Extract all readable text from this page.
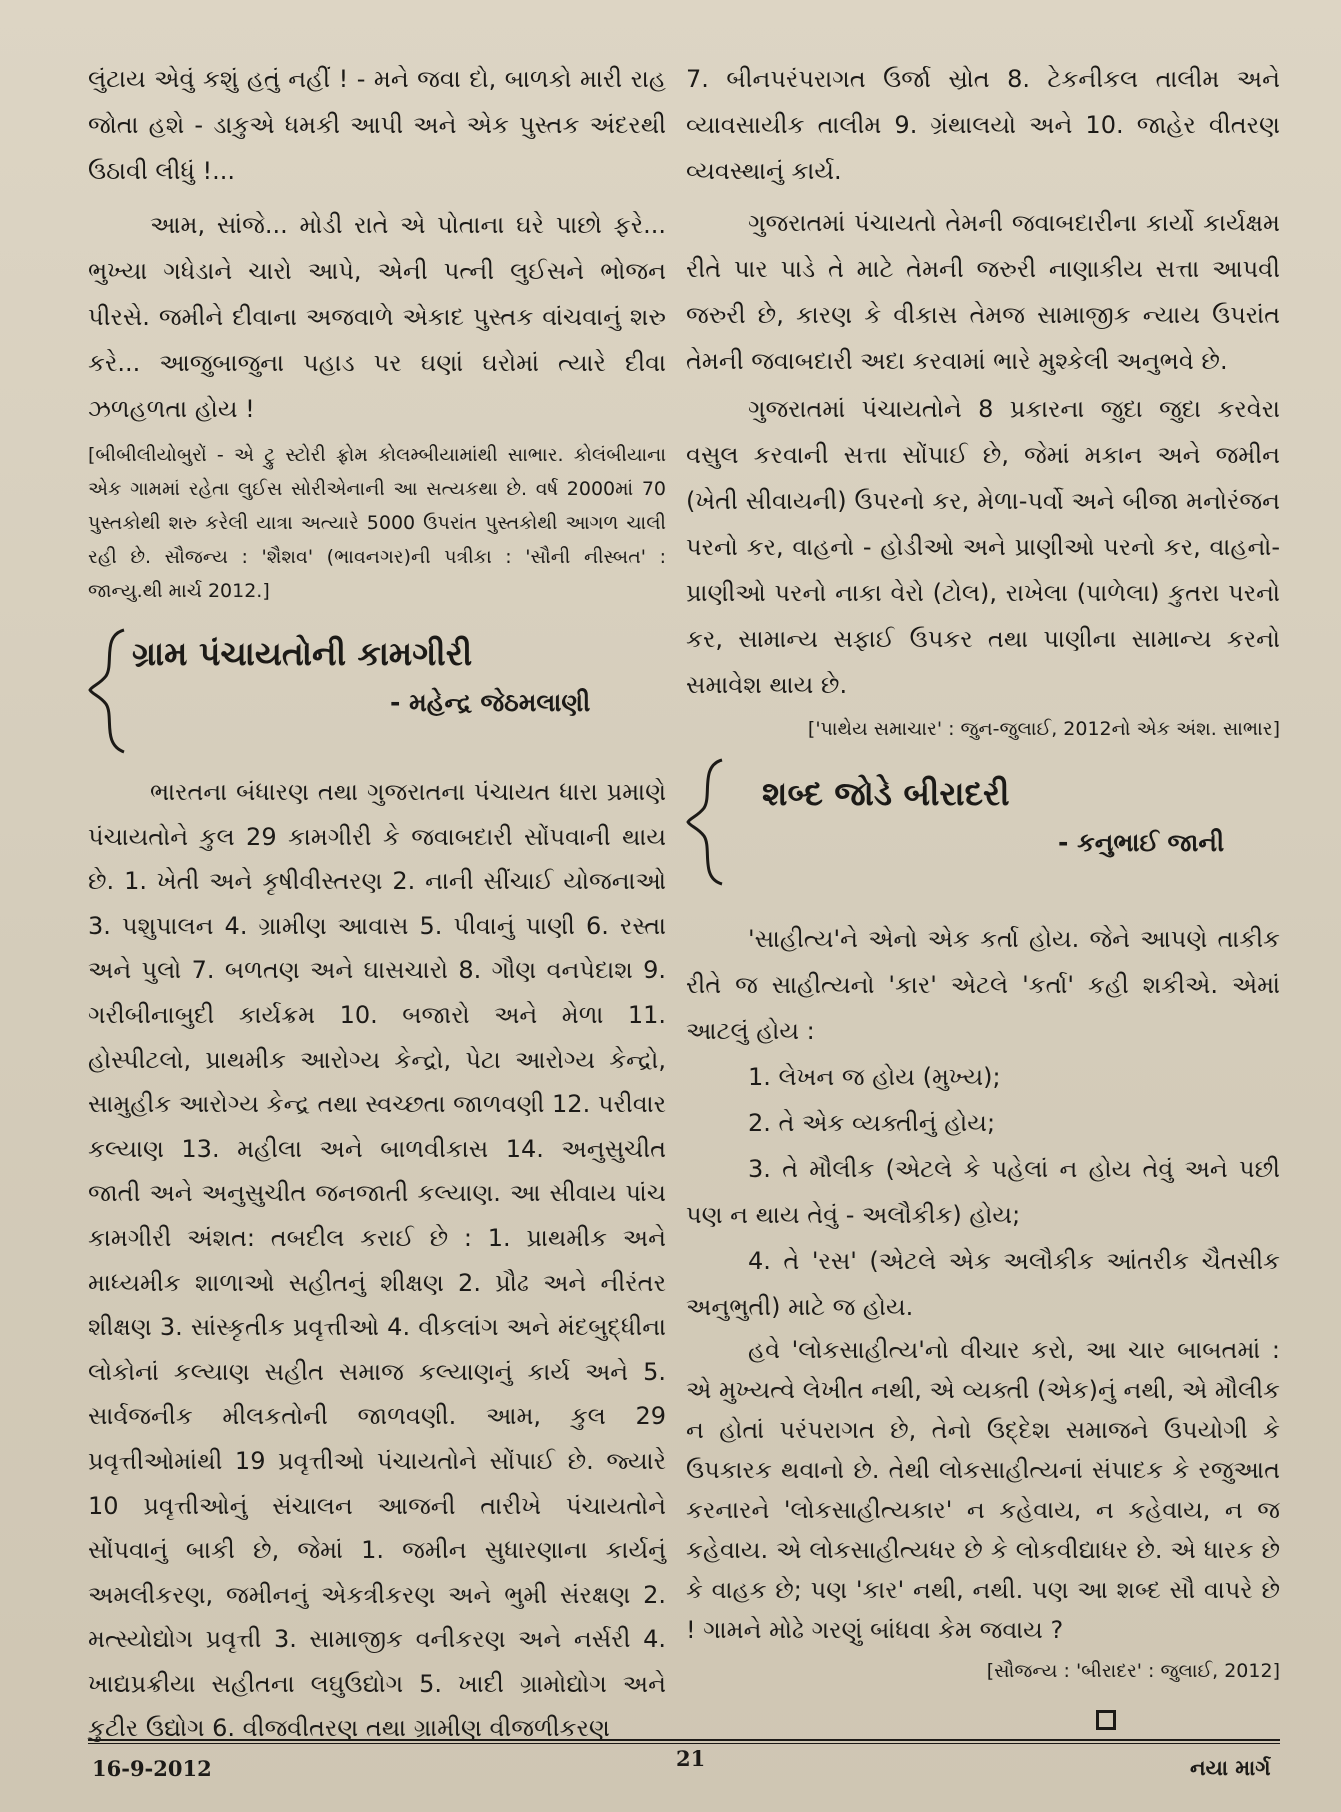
લુંટાય એવું કશું હતું નહીં ! - મને જવા દો, બાળકો મારી રાહ જોતા હશે - ડાકુએ ધમકી આપી અને એક પુસ્તક અંદરથી ઉઠાવી લીધું !...

આમ, સાંજે... મોડી રાતે એ પોતાના ઘરે પાછો ફરે... ભુખ્યા ગધેડાને ચારો આપે, એની પત્ની લુઈસને ભોજન પીરસે. જમીને દીવાના અજવાળે એકાદ પુસ્તક વાંચવાનું શરુ કરે... આજુબાજુના પહાડ પર ઘણાં ઘરોમાં ત્યારે દીવા ઝળહળતા હોય !

[બીબીલીયોબુરોં - એ ટ્રુ સ્ટોરી ફ્રોમ કોલમ્બીયામાંથી સાભાર. કોલંબીયાના એક ગામમાં રહેતા લુઈસ સોરીએનાની આ સત્યકથા છે. વર્ષ 2000માં 70 પુસ્તકોથી શરુ કરેલી યાત્રા અત્યારે 5000 ઉપરાંત પુસ્તકોથી આગળ ચાલી રહી છે. સૌજન્ય : 'શૈશવ' (ભાવનગર)ની પત્રીકા : 'સૌની નીસ્બત' : જાન્યુ.થી માર્ચ 2012.]

ગ્રામ પંચાયતોની કામગીરી
- મહેન્દ્ર જેઠમલાણી

ભારતના બંધારણ તથા ગુજરાતના પંચાયત ધારા પ્રમાણે પંચાયતોને કુલ 29 કામગીરી કે જવાબદારી સોંપવાની થાય છે. 1. ખેતી અને કૃષીવીસ્તરણ 2. નાની સીંચાઈ યોજનાઓ 3. પશુપાલન 4. ગ્રામીણ આવાસ 5. પીવાનું પાણી 6. રસ્તા અને પુલો 7. બળતણ અને ઘાસચારો 8. ગૌણ વનપેદાશ 9. ગરીબીનાબુદી કાર્યક્રમ 10. બજારો અને મેળા 11. હોસ્પીટલો, પ્રાથમીક આરોગ્ય કેન્દ્રો, પેટા આરોગ્ય કેન્દ્રો, સામુહીક આરોગ્ય કેન્દ્ર તથા સ્વચ્છતા જાળવણી 12. પરીવાર કલ્યાણ 13. મહીલા અને બાળવીકાસ 14. અનુસુચીત જાતી અને અનુસુચીત જનજાતી કલ્યાણ. આ સીવાય પાંચ કામગીરી અંશત: તબદીલ કરાઈ છે : 1. પ્રાથમીક અને માધ્યમીક શાળાઓ સહીતનું શીક્ષણ 2. પ્રૌઢ અને નીરંતર શીક્ષણ 3. સાંસ્કૃતીક પ્રવૃત્તીઓ 4. વીકલાંગ અને મંદબુદ્ધીના લોકોનાં કલ્યાણ સહીત સમાજ કલ્યાણનું કાર્ય અને 5. સાર્વજનીક મીલકતોની જાળવણી. આમ, કુલ 29 પ્રવૃત્તીઓમાંથી 19 પ્રવૃત્તીઓ પંચાયતોને સોંપાઈ છે. જ્યારે 10 પ્રવૃત્તીઓનું સંચાલન આજની તારીખે પંચાયતોને સોંપવાનું બાકી છે, જેમાં 1. જમીન સુધારણાના કાર્યનું અમલીકરણ, જમીનનું એકત્રીકરણ અને ભુમી સંરક્ષણ 2. મત્સ્યોદ્યોગ પ્રવૃત્તી 3. સામાજીક વનીકરણ અને નર્સરી 4. ખાદ્યપ્રક્રીયા સહીતના લઘુઉદ્યોગ 5. ખાદી ગ્રામોદ્યોગ અને કુટીર ઉદ્યોગ 6. વીજવીતરણ તથા ગ્રામીણ વીજળીકરણ

7. બીનપરંપરાગત ઉર્જા સ્રોત 8. ટેકનીકલ તાલીમ અને વ્યાવસાયીક તાલીમ 9. ગ્રંથાલયો અને 10. જાહેર વીતરણ વ્યવસ્થાનું કાર્ય.

ગુજરાતમાં પંચાયતો તેમની જવાબદારીના કાર્યો કાર્યક્ષમ રીતે પાર પાડે તે માટે તેમની જરુરી નાણાકીય સત્તા આપવી જરુરી છે, કારણ કે વીકાસ તેમજ સામાજીક ન્યાય ઉપરાંત તેમની જવાબદારી અદા કરવામાં ભારે મુશ્કેલી અનુભવે છે.

ગુજરાતમાં પંચાયતોને 8 પ્રકારના જુદા જુદા કરવેરા વસુલ કરવાની સત્તા સોંપાઈ છે, જેમાં મકાન અને જમીન (ખેતી સીવાયની) ઉપરનો કર, મેળા-પર્વો અને બીજા મનોરંજન પરનો કર, વાહનો - હોડીઓ અને પ્રાણીઓ પરનો કર, વાહનો-પ્રાણીઓ પરનો નાકા વેરો (ટોલ), રાખેલા (પાળેલા) કુતરા પરનો કર, સામાન્ય સફાઈ ઉપકર તથા પાણીના સામાન્ય કરનો સમાવેશ થાય છે.

['પાથેય સમાચાર' : જુન-જુલાઈ, 2012નો એક અંશ. સાભાર]

શબ્દ જોડે બીરાદરી
- કનુભાઈ જાની

'સાહીત્ય'ને એનો એક કર્તા હોય. જેને આપણે તાકીક રીતે જ સાહીત્યનો 'કાર' એટલે 'કર્તા' કહી શકીએ. એમાં આટલું હોય :

1. લેખન જ હોય (મુખ્ય);

2. તે એક વ્યક્તીનું હોય;

3. તે મૌલીક (એટલે કે પહેલાં ન હોય તેવું અને પછી પણ ન થાય તેવું - અલૌકીક) હોય;

4. તે 'રસ' (એટલે એક અલૌકીક આંતરીક ચૈતસીક અનુભુતી) માટે જ હોય.

હવે 'લોકસાહીત્ય'નો વીચાર કરો, આ ચાર બાબતમાં : એ મુખ્યત્વે લેખીત નથી, એ વ્યક્તી (એક)નું નથી, એ મૌલીક ન હોતાં પરંપરાગત છે, તેનો ઉદ્દેશ સમાજને ઉપયોગી કે ઉપકારક થવાનો છે. તેથી લોકસાહીત્યનાં સંપાદક કે રજુઆત કરનારને 'લોકસાહીત્યકાર' ન કહેવાય, ન કહેવાય, ન જ કહેવાય. એ લોકસાહીત્યધર છે કે લોકવીદ્યાધર છે. એ ધારક છે કે વાહક છે; પણ 'કાર' નથી, નથી. પણ આ શબ્દ સૌ વાપરે છે ! ગામને મોઢે ગરણું બાંધવા કેમ જવાય ?

[સૌજન્ય : 'બીરાદર' : જુલાઈ, 2012]

16-9-2012	21	નયા માર્ગ
